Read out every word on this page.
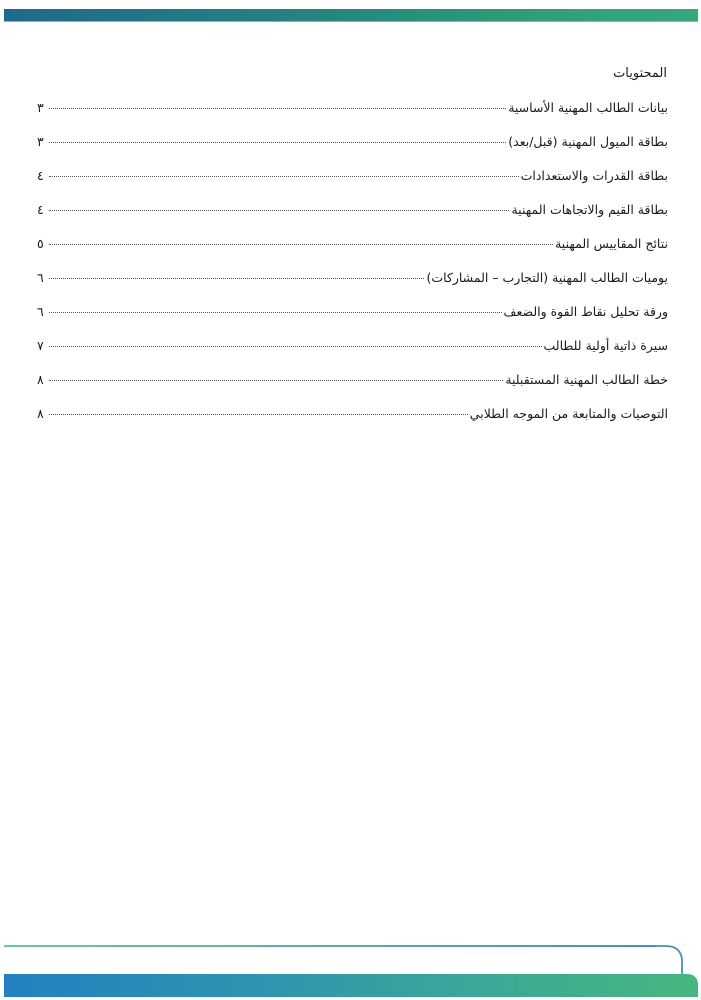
المحتويات
بيانات الطالب المهنية الأساسية
٣
بطاقة الميول المهنية (قبل/بعد)
٣
بطاقة القدرات والاستعدادات
٤
بطاقة القيم والاتجاهات المهنية
٤
نتائج المقاييس المهنية
٥
يوميات الطالب المهنية (التجارب – المشاركات)
٦
ورقة تحليل نقاط القوة والضعف
٦
سيرة ذاتية أولية للطالب
٧
خطة الطالب المهنية المستقبلية
٨
التوصيات والمتابعة من الموجه الطلابي
٨
